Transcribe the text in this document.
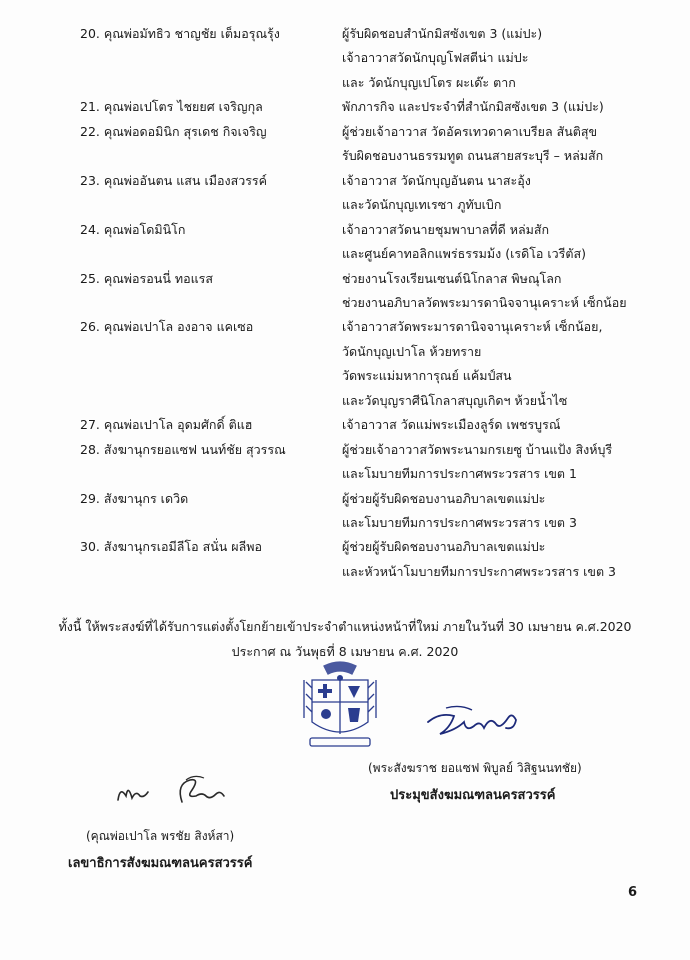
20. คุณพ่อมัทธิว ชาญชัย เต็มอรุณรุ้ง	ผู้รับผิดชอบสำนักมิสซังเขต 3 (แม่ปะ)
เจ้าอาวาสวัดนักบุญโฟสตีน่า แม่ปะ
และ วัดนักบุญเปโตร ผะเด๊ะ ตาก
21. คุณพ่อเปโตร ไชยยศ เจริญกุล	พักภารกิจ และประจำที่สำนักมิสซังเขต 3 (แม่ปะ)
22. คุณพ่อดอมินิก สุรเดช กิจเจริญ	ผู้ช่วยเจ้าอาวาส วัดอัครเทวดาคาเบรียล สันติสุข
รับผิดชอบงานธรรมทูต ถนนสายสระบุรี – หล่มสัก
23. คุณพ่ออันตน แสน เมืองสวรรค์	เจ้าอาวาส วัดนักบุญอันตน นาสะอุ้ง
และวัดนักบุญเทเรซา ภูทับเบิก
24. คุณพ่อโดมินิโก	เจ้าอาวาสวัดนายชุมพาบาลที่ดี หล่มสัก
และศูนย์คาทอลิกแพร่ธรรมม้ง (เรดิโอ เวรีตัส)
25. คุณพ่อรอนนี่ ทอแรส	ช่วยงานโรงเรียนเซนต์นิโกลาส พิษณุโลก
ช่วยงานอภิบาลวัดพระมารดานิจจานุเคราะห์ เซ็กน้อย
26. คุณพ่อเปาโล องอาจ แคเซอ	เจ้าอาวาสวัดพระมารดานิจจานุเคราะห์ เซ็กน้อย,
วัดนักบุญเปาโล ห้วยทราย
วัดพระแม่มหาการุณย์ แค้มป์สน
และวัดบุญราศีนิโกลาสบุญเกิดฯ ห้วยน้ำไซ
27. คุณพ่อเปาโล อุดมศักดิ์ ติแฮ	เจ้าอาวาส วัดแม่พระเมืองลูร์ด เพชรบูรณ์
28. สังฆานุกรยอแซฟ นนท์ชัย สุวรรณ	ผู้ช่วยเจ้าอาวาสวัดพระนามกรเยซู บ้านแป้ง สิงห์บุรี
และโมบายทีมการประกาศพระวรสาร เขต 1
29. สังฆานุกร เดวิด	ผู้ช่วยผู้รับผิดชอบงานอภิบาลเขตแม่ปะ
และโมบายทีมการประกาศพระวรสาร เขต 3
30. สังฆานุกรเอมีลีโอ สนั่น ผลีพอ	ผู้ช่วยผู้รับผิดชอบงานอภิบาลเขตแม่ปะ
และหัวหน้าโมบายทีมการประกาศพระวรสาร เขต 3
ทั้งนี้ ให้พระสงฆ์ที่ได้รับการแต่งตั้งโยกย้ายเข้าประจำตำแหน่งหน้าที่ใหม่ ภายในวันที่ 30 เมษายน ค.ศ.2020
ประกาศ ณ วันพุธที่ 8 เมษายน ค.ศ. 2020
(พระสังฆราช ยอแซฟ พิบูลย์ วิสิฐนนทชัย)
ประมุขสังฆมณฑลนครสวรรค์
(คุณพ่อเปาโล พรชัย สิงห์สา)
เลขาธิการสังฆมณฑลนครสวรรค์
6
